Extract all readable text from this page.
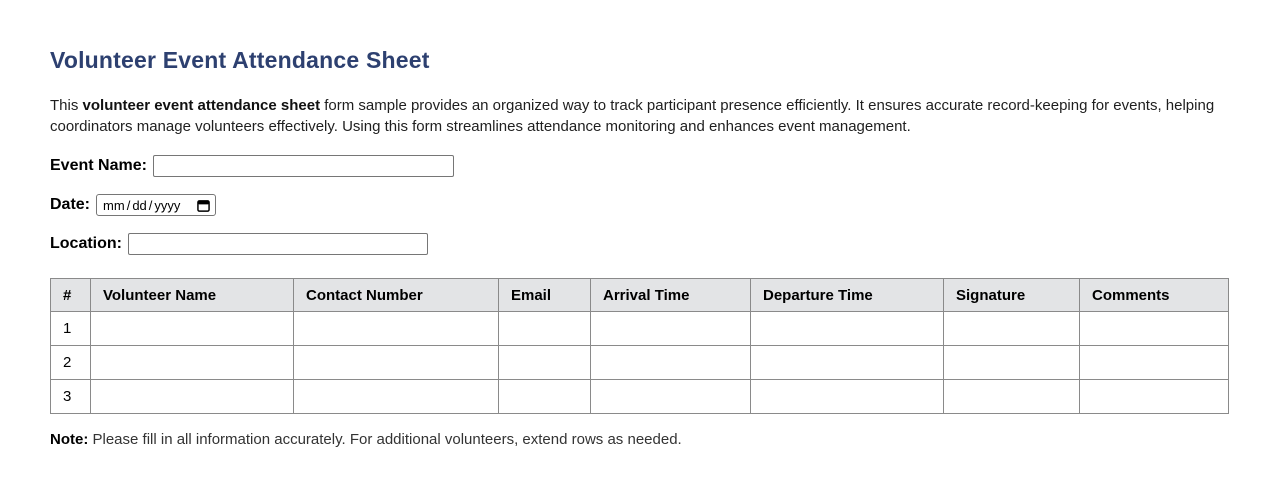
Volunteer Event Attendance Sheet

This volunteer event attendance sheet form sample provides an organized way to track participant presence efficiently. It ensures accurate record-keeping for events, helping coordinators manage volunteers effectively. Using this form streamlines attendance monitoring and enhances event management.

Event Name:
Date: mm / dd / yyyy
Location:
#	Volunteer Name	Contact Number	Email	Arrival Time	Departure Time	Signature	Comments
1							
2							
3							

Note: Please fill in all information accurately. For additional volunteers, extend rows as needed.
